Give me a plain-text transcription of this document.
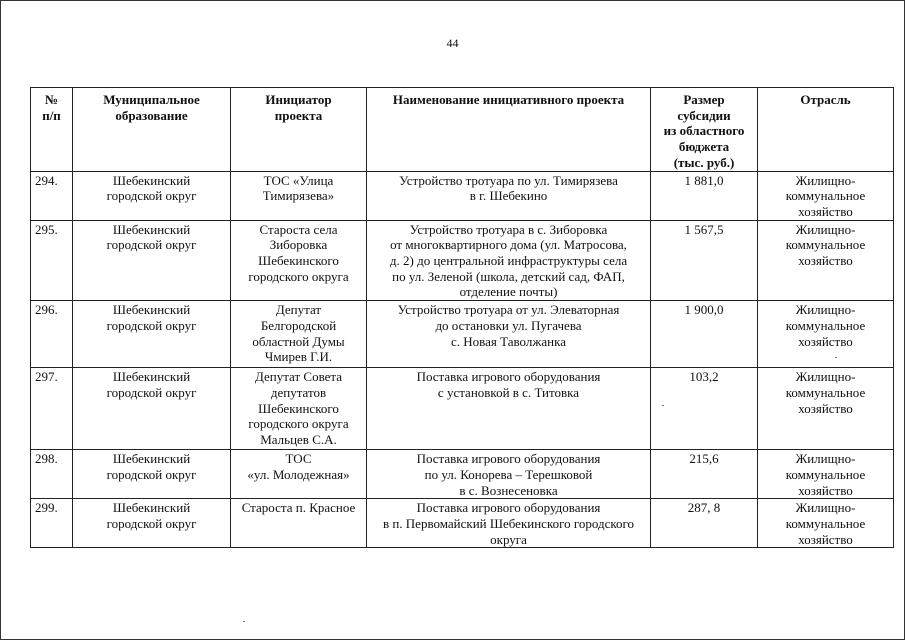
44
№
п/п	Муниципальное
образование	Инициатор
проекта	Наименование инициативного проекта	Размер
субсидии
из областного
бюджета
(тыс. руб.)	Отрасль
294.	Шебекинский
городской округ	ТОС «Улица
Тимирязева»	Устройство тротуара по ул. Тимирязева
в г. Шебекино	1 881,0	Жилищно-
коммунальное
хозяйство
295.	Шебекинский
городской округ	Староста села
Зиборовка
Шебекинского
городского округа	Устройство тротуара в с. Зиборовка
от многоквартирного дома (ул. Матросова,
д. 2) до центральной инфраструктуры села
по ул. Зеленой (школа, детский сад, ФАП,
отделение почты)	1 567,5	Жилищно-
коммунальное
хозяйство
296.	Шебекинский
городской округ	Депутат
Белгородской
областной Думы
Чмирев Г.И.	Устройство тротуара от ул. Элеваторная
до остановки ул. Пугачева
с. Новая Таволжанка	1 900,0	Жилищно-
коммунальное
хозяйство
297.	Шебекинский
городской округ	Депутат Совета
депутатов
Шебекинского
городского округа
Мальцев С.А.	Поставка игрового оборудования
с установкой в с. Титовка	103,2	Жилищно-
коммунальное
хозяйство
298.	Шебекинский
городской округ	ТОС
«ул. Молодежная»	Поставка игрового оборудования
по ул. Конорева – Терешковой
в с. Вознесеновка	215,6	Жилищно-
коммунальное
хозяйство
299.	Шебекинский
городской округ	Староста п. Красное	Поставка игрового оборудования
в п. Первомайский Шебекинского городского
округа	287, 8	Жилищно-
коммунальное
хозяйство
